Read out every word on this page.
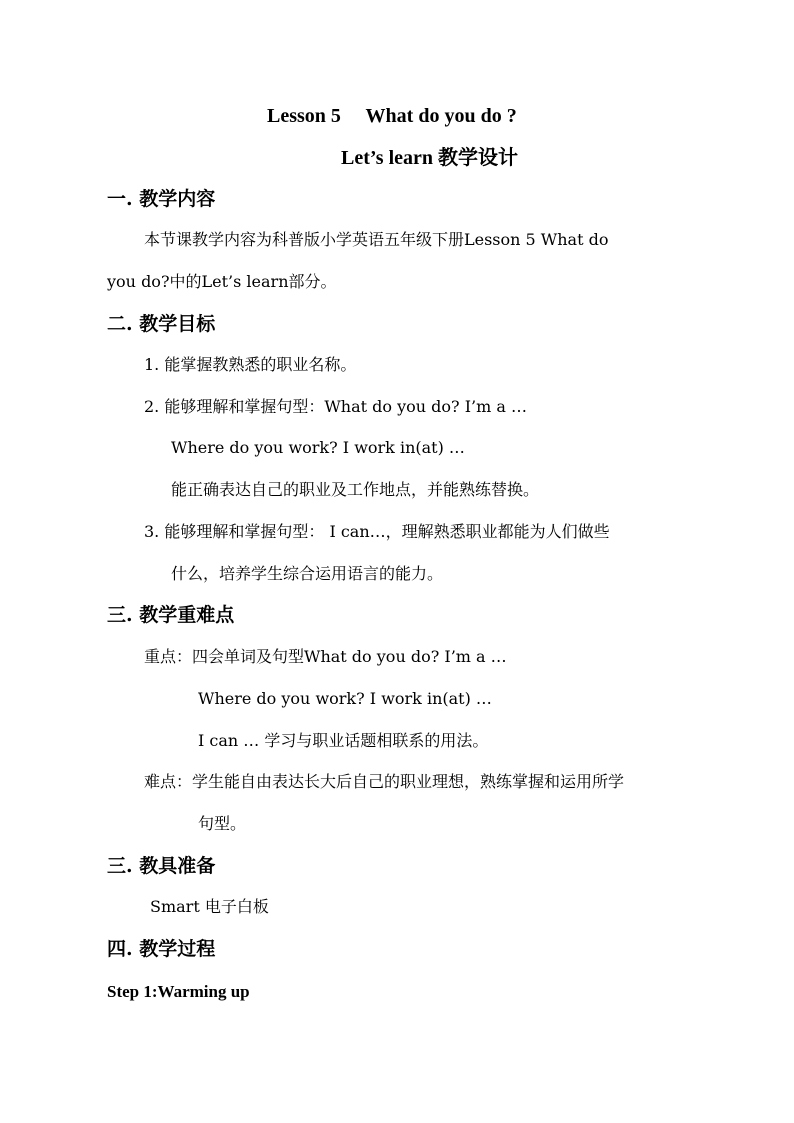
Lesson 5　 What do you do ?
Let’s learn 教学设计
一. 教学内容
本节课教学内容为科普版小学英语五年级下册Lesson 5 What do
you do?中的Let’s learn部分。
二. 教学目标
1. 能掌握教熟悉的职业名称。
2. 能够理解和掌握句型：What do you do? I’m a …
Where do you work? I work in(at) …
能正确表达自己的职业及工作地点，并能熟练替换。
3. 能够理解和掌握句型： I can…，理解熟悉职业都能为人们做些
什么，培养学生综合运用语言的能力。
三. 教学重难点
重点：四会单词及句型What do you do? I’m a …
Where do you work? I work in(at) …
I can … 学习与职业话题相联系的用法。
难点：学生能自由表达长大后自己的职业理想，熟练掌握和运用所学
句型。
三. 教具准备
Smart 电子白板
四. 教学过程
Step 1:Warming up
